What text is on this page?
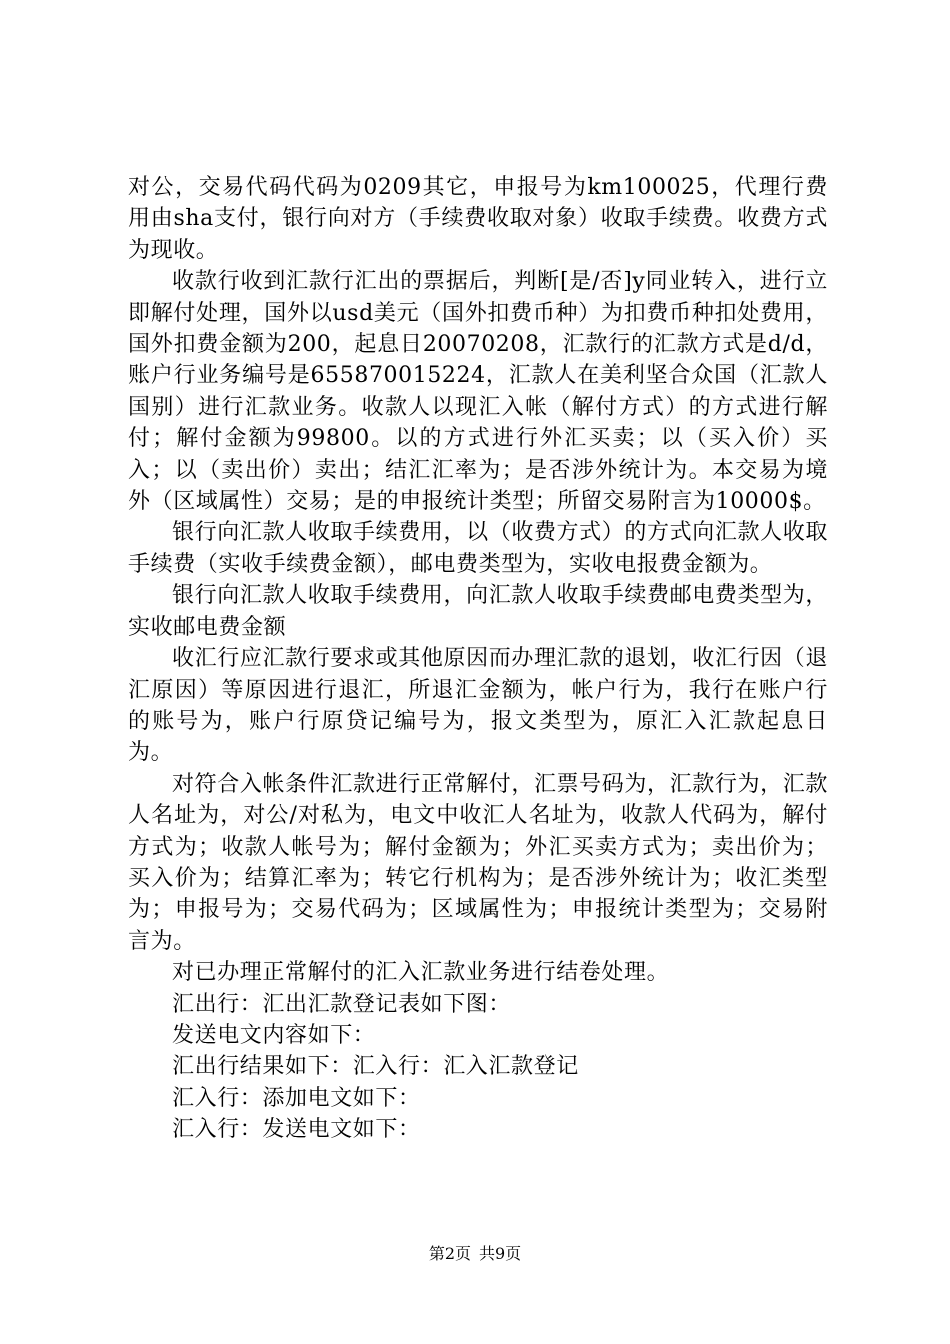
对公，交易代码代码为0209其它，申报号为km100025，代理行费用由sha支付，银行向对方（手续费收取对象）收取手续费。收费方式为现收。

收款行收到汇款行汇出的票据后，判断[是/否]y同业转入，进行立即解付处理，国外以usd美元（国外扣费币种）为扣费币种扣处费用，国外扣费金额为200，起息日20070208，汇款行的汇款方式是d/d，账户行业务编号是655870015224，汇款人在美利坚合众国（汇款人国别）进行汇款业务。收款人以现汇入帐（解付方式）的方式进行解付；解付金额为99800。以的方式进行外汇买卖；以（买入价）买入；以（卖出价）卖出；结汇汇率为；是否涉外统计为。本交易为境外（区域属性）交易；是的申报统计类型；所留交易附言为10000$。

银行向汇款人收取手续费用，以（收费方式）的方式向汇款人收取手续费（实收手续费金额），邮电费类型为，实收电报费金额为。

银行向汇款人收取手续费用，向汇款人收取手续费邮电费类型为，实收邮电费金额

收汇行应汇款行要求或其他原因而办理汇款的退划，收汇行因（退汇原因）等原因进行退汇，所退汇金额为，帐户行为，我行在账户行的账号为，账户行原贷记编号为，报文类型为，原汇入汇款起息日为。

对符合入帐条件汇款进行正常解付，汇票号码为，汇款行为，汇款人名址为，对公/对私为，电文中收汇人名址为，收款人代码为，解付方式为；收款人帐号为；解付金额为；外汇买卖方式为；卖出价为；买入价为；结算汇率为；转它行机构为；是否涉外统计为；收汇类型为；申报号为；交易代码为；区域属性为；申报统计类型为；交易附言为。

对已办理正常解付的汇入汇款业务进行结卷处理。

汇出行：汇出汇款登记表如下图：

发送电文内容如下：

汇出行结果如下：汇入行：汇入汇款登记

汇入行：添加电文如下：

汇入行：发送电文如下：

第2页 共9页
